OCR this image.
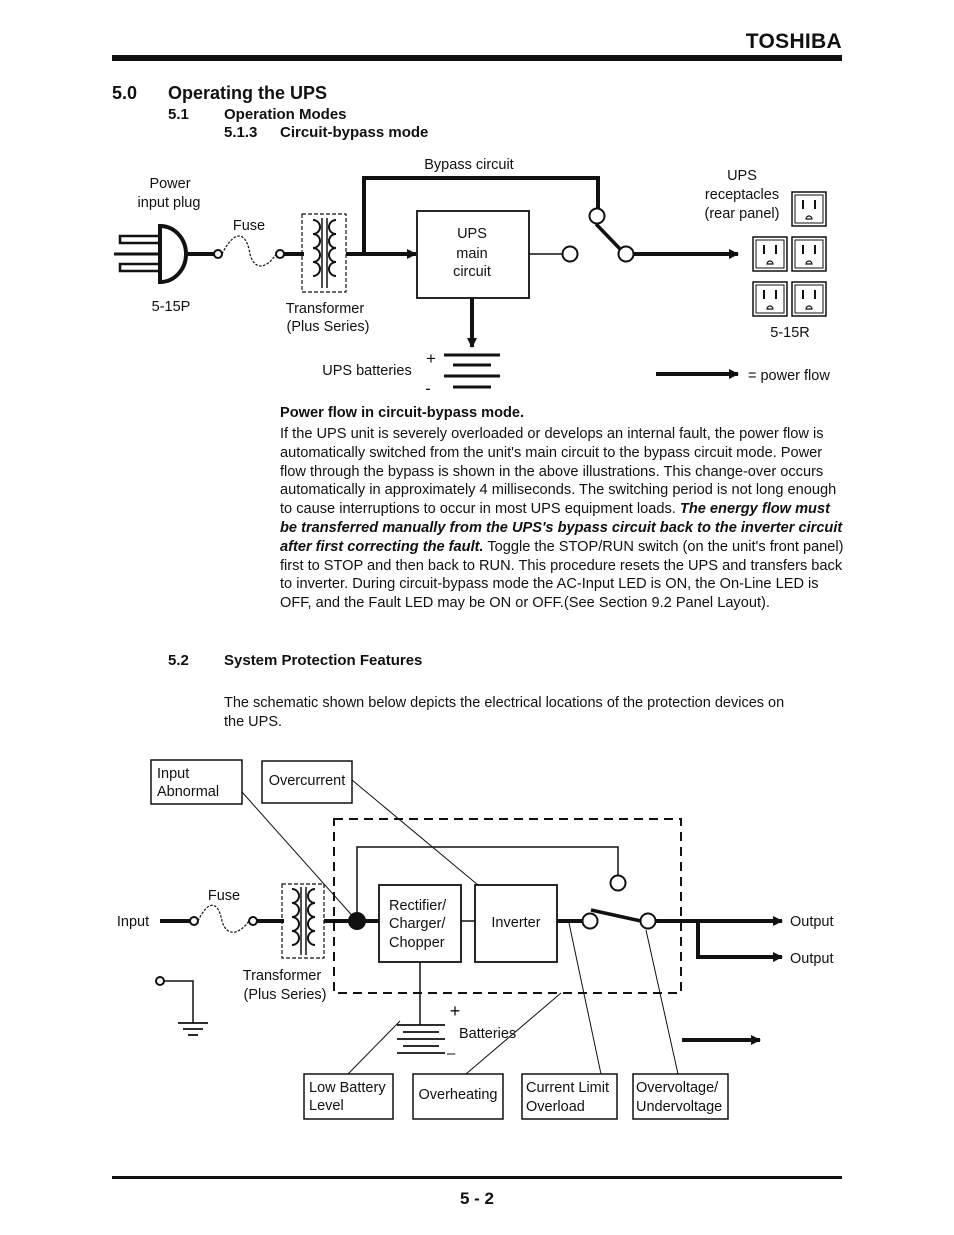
TOSHIBA
5.0 Operating the UPS
5.1 Operation Modes
5.1.3 Circuit-bypass mode
Power
input plug
5-15P
Fuse
Transformer
(Plus Series)
Bypass circuit
UPS
main
circuit
+
-
UPS batteries
UPS
receptacles
(rear panel)
5-15R
= power flow
Power flow in circuit-bypass mode.
If the UPS unit is severely overloaded or develops an internal fault, the power flow is automatically switched from the unit's main circuit to the bypass circuit mode. Power flow through the bypass is shown in the above illustrations. This change-over occurs automatically in approximately 4 milliseconds. The switching period is not long enough to cause interruptions to occur in most UPS equipment loads. The energy flow must be transferred manually from the UPS's bypass circuit back to the inverter circuit after first correcting the fault. Toggle the STOP/RUN switch (on the unit's front panel) first to STOP and then back to RUN. This procedure resets the UPS and transfers back to inverter. During circuit-bypass mode the AC-Input LED is ON, the On-Line LED is OFF, and the Fault LED may be ON or OFF.(See Section 9.2 Panel Layout).
5.2 System Protection Features
The schematic shown below depicts the electrical locations of the protection devices on
the UPS.
Input
Abnormal
Overcurrent
Input
Fuse
Transformer
(Plus Series)
Rectifier/
Charger/
Chopper
Inverter	Output
Output
+
–
Batteries
Low Battery
Level
Overheating Current Limit
Overload
Overvoltage/
Undervoltage
5 - 2
